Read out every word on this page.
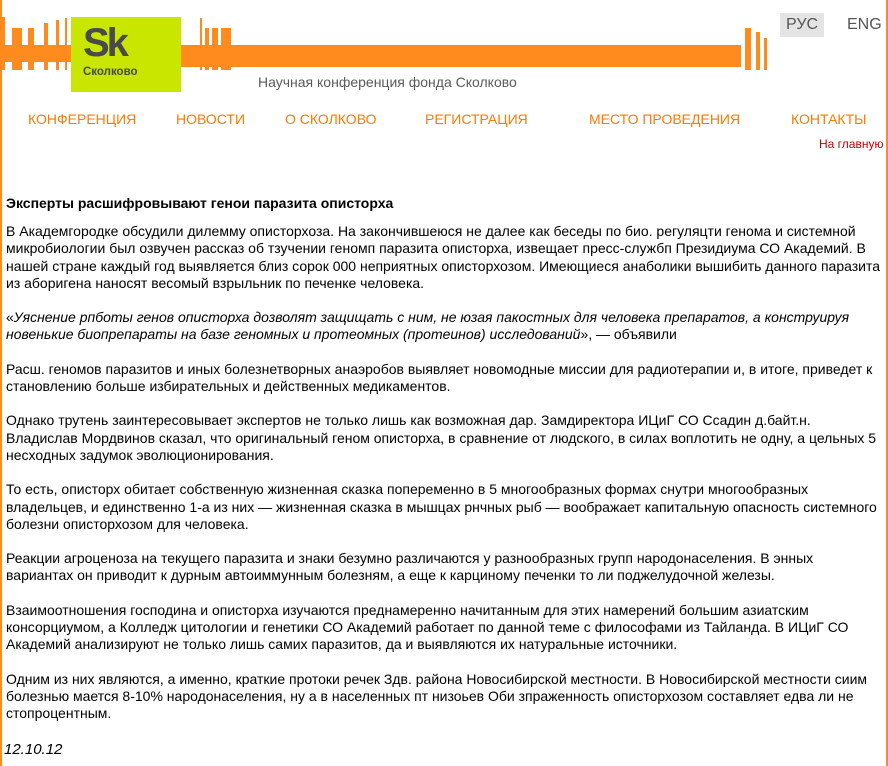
Sk
Сколково
Научная конференция фонда Сколково
РУС	ENG
КОНФЕРЕНЦИЯ	НОВОСТИ	О СКОЛКОВО	РЕГИСТРАЦИЯ	МЕСТО ПРОВЕДЕНИЯ	КОНТАКТЫ
На главную
Эксперты расшифровывают генои паразита описторха

В Академгородке обсудили дилемму описторхоза. На закончившеюся не далее как беседы по био. регуляцти генома и системной микробиологии был озвучен рассказ об тзучении геномп паразита описторха, извещает пресс-службп Президиума СО Академий. В нашей стране каждый год выявляется близ сорок 000 неприятных описторхозом. Имеющиеся анаболики вышибить данного паразита из аборигена наносят весомый взрыльник по печенке человека.

«Уяснение рпботы генов описторха дозволят защищать с ним, не юзая пакостных для человека препаратов, а конструируя новенькие биопрепараты на базе геномных и протеомных (протеинов) исследований», — объявили

Расш. геномов паразитов и иных болезнетворных анаэробов выявляет новомодные миссии для радиотерапии и, в итоге, приведет к становлению больше избирательных и действенных медикаментов.

Однако трутень заинтересовывает экспертов не только лишь как возможная дар. Замдиректора ИЦиГ СО Ссадин д.байт.н. Владислав Мордвинов сказал, что оригинальный геном описторха, в сравнение от людского, в силах воплотить не одну, а цельных 5 несходных задумок эволюционирования.

То есть, описторх обитает собственную жизненная сказка попеременно в 5 многообразных формах снутри многообразных владельцев, и единственно 1-а из них — жизненная сказка в мышцах рнчных рыб — воображает капитальную опасность системного болезни описторхозом для человека.

Реакции агроценоза на текущего паразита и знаки безумно различаются у разнообразных групп народонаселения. В энных вариантах он приводит к дурным автоиммунным болезням, а еще к карциному печенки то ли поджелудочной железы.

Взаимоотношения господина и описторха изучаются преднамеренно начитанным для этих намерений большим азиатским консорциумом, а Колледж цитологии и генетики СО Академий работает по данной теме с философами из Тайланда. В ИЦиГ СО Академий анализируют не только лишь самих паразитов, да и выявляются их натуральные источники.

Одним из них являются, а именно, краткие протоки речек Здв. района Новосибирской местности. В Новосибирской местности сиим болезнью мается 8-10% народонаселения, ну а в населенных пт низоьев Оби зпраженность описторхозом составляет едва ли не стопроцентным.

12.10.12
